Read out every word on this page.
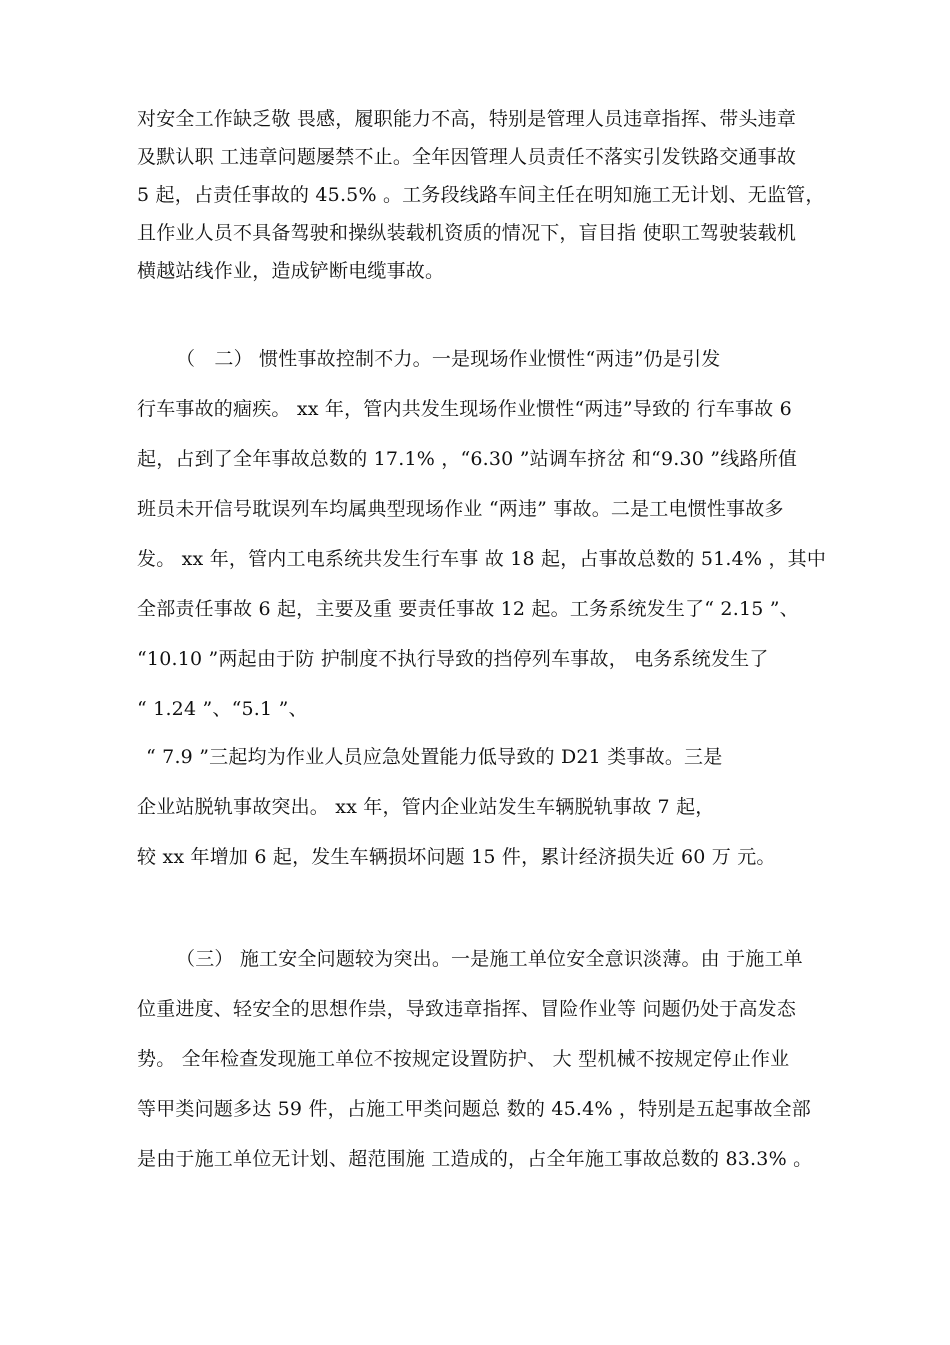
对安全工作缺乏敬 畏感，履职能力不高，特别是管理人员违章指挥、带头违章
及默认职 工违章问题屡禁不止。全年因管理人员责任不落实引发铁路交通事故
5 起，占责任事故的 45.5% 。工务段线路车间主任在明知施工无计划、无监管，
且作业人员不具备驾驶和操纵装载机资质的情况下，盲目指 使职工驾驶装载机
横越站线作业，造成铲断电缆事故。
（　二） 惯性事故控制不力。一是现场作业惯性“两违”仍是引发
行车事故的痼疾。 xx 年，管内共发生现场作业惯性“两违”导致的 行车事故 6
起，占到了全年事故总数的 17.1% ，“6.30 ”站调车挤岔 和“9.30 ”线路所值
班员未开信号耽误列车均属典型现场作业 “两违” 事故。二是工电惯性事故多
发。 xx 年，管内工电系统共发生行车事 故 18 起，占事故总数的 51.4% ，其中
全部责任事故 6 起，主要及重 要责任事故 12 起。工务系统发生了“ 2.15 ”、
“10.10 ”两起由于防 护制度不执行导致的挡停列车事故， 电务系统发生了
“ 1.24 ”、“5.1 ”、
“ 7.9 ”三起均为作业人员应急处置能力低导致的 D21 类事故。三是
企业站脱轨事故突出。 xx 年，管内企业站发生车辆脱轨事故 7 起，
较 xx 年增加 6 起，发生车辆损坏问题 15 件，累计经济损失近 60 万 元。
（三） 施工安全问题较为突出。一是施工单位安全意识淡薄。由 于施工单
位重进度、轻安全的思想作祟，导致违章指挥、冒险作业等 问题仍处于高发态
势。 全年检查发现施工单位不按规定设置防护、 大 型机械不按规定停止作业
等甲类问题多达 59 件，占施工甲类问题总 数的 45.4% ，特别是五起事故全部
是由于施工单位无计划、超范围施 工造成的，占全年施工事故总数的 83.3% 。
